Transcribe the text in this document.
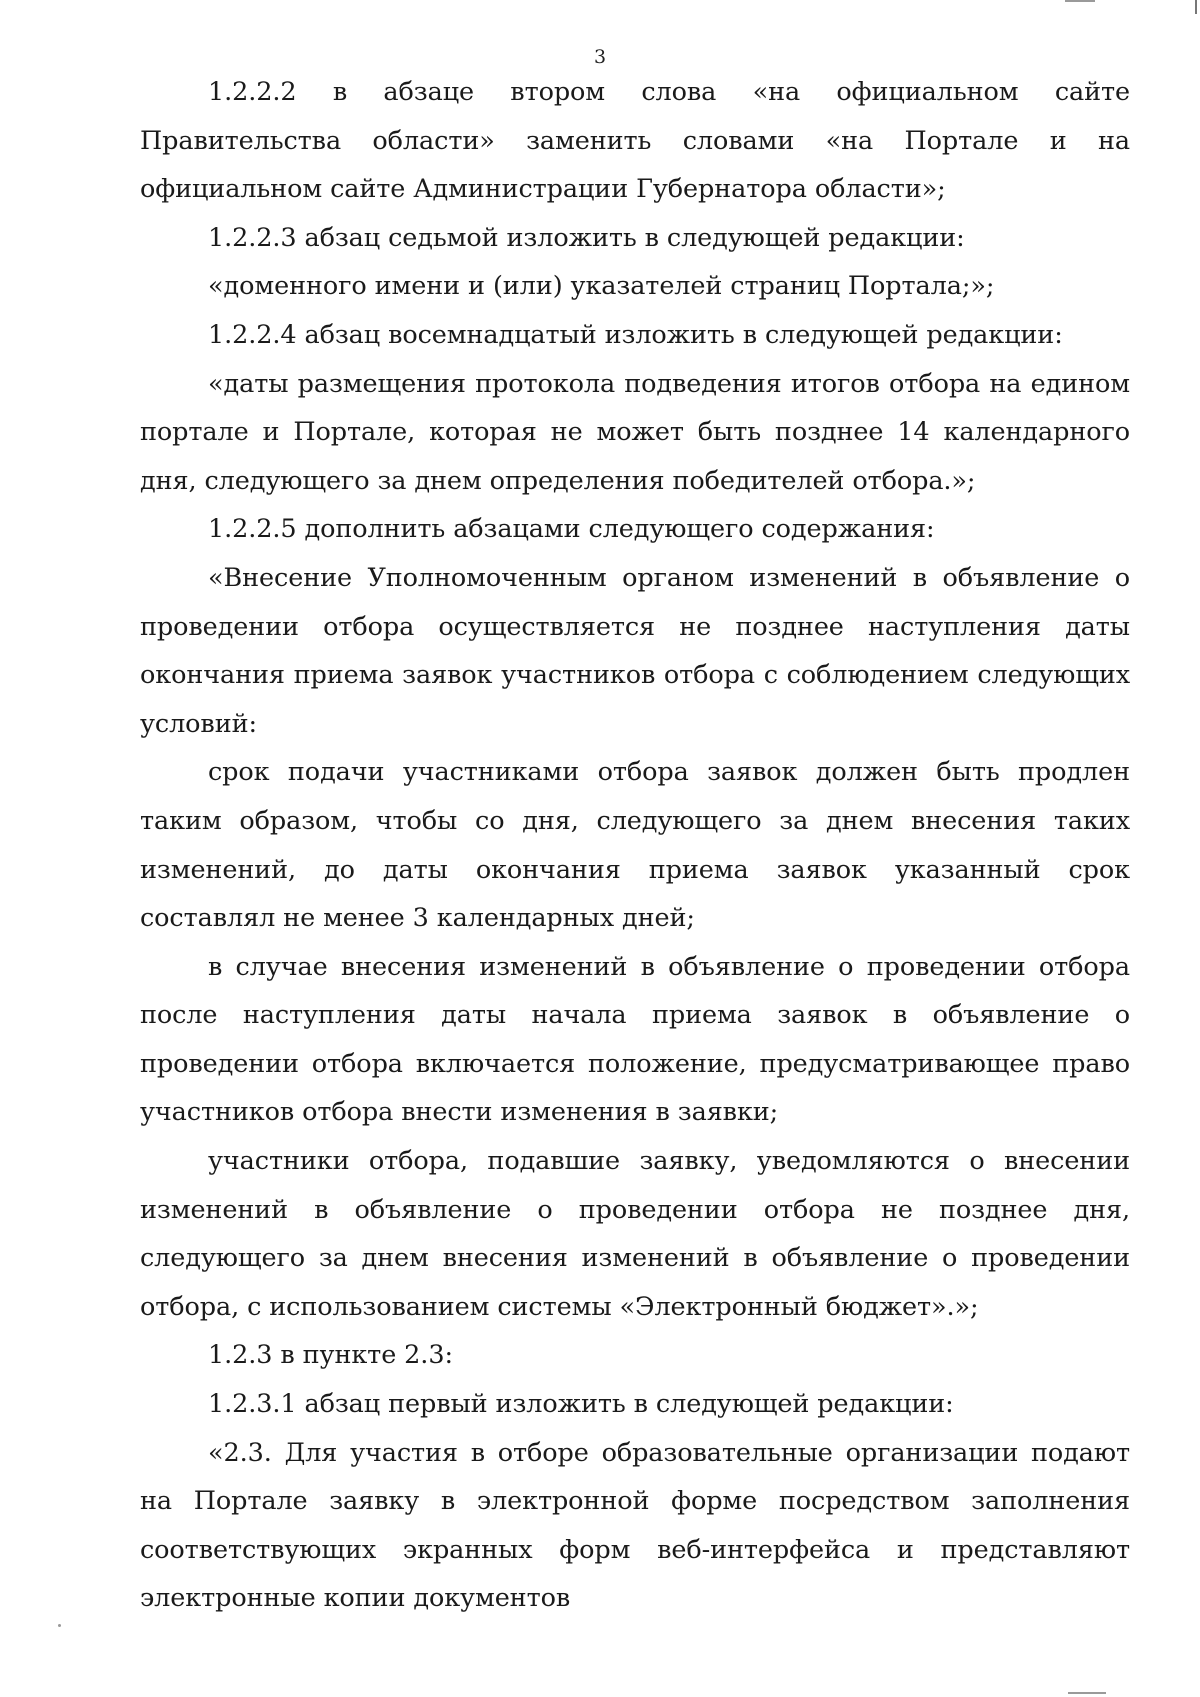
3

1.2.2.2 в абзаце втором слова «на официальном сайте Правительства области» заменить словами «на Портале и на официальном сайте Администрации Губернатора области»;

1.2.2.3 абзац седьмой изложить в следующей редакции:

«доменного имени и (или) указателей страниц Портала;»;

1.2.2.4 абзац восемнадцатый изложить в следующей редакции:

«даты размещения протокола подведения итогов отбора на едином портале и Портале, которая не может быть позднее 14 календарного дня, следующего за днем определения победителей отбора.»;

1.2.2.5 дополнить абзацами следующего содержания:

«Внесение Уполномоченным органом изменений в объявление о проведении отбора осуществляется не позднее наступления даты окончания приема заявок участников отбора с соблюдением следующих условий:

срок подачи участниками отбора заявок должен быть продлен таким образом, чтобы со дня, следующего за днем внесения таких изменений, до даты окончания приема заявок указанный срок составлял не менее 3 календарных дней;

в случае внесения изменений в объявление о проведении отбора после наступления даты начала приема заявок в объявление о проведении отбора включается положение, предусматривающее право участников отбора внести изменения в заявки;

участники отбора, подавшие заявку, уведомляются о внесении изменений в объявление о проведении отбора не позднее дня, следующего за днем внесения изменений в объявление о проведении отбора, с использованием системы «Электронный бюджет».»;

1.2.3 в пункте 2.3:

1.2.3.1 абзац первый изложить в следующей редакции:

«2.3. Для участия в отборе образовательные организации подают на Портале заявку в электронной форме посредством заполнения соответствующих экранных форм веб-интерфейса и представляют электронные копии документов
